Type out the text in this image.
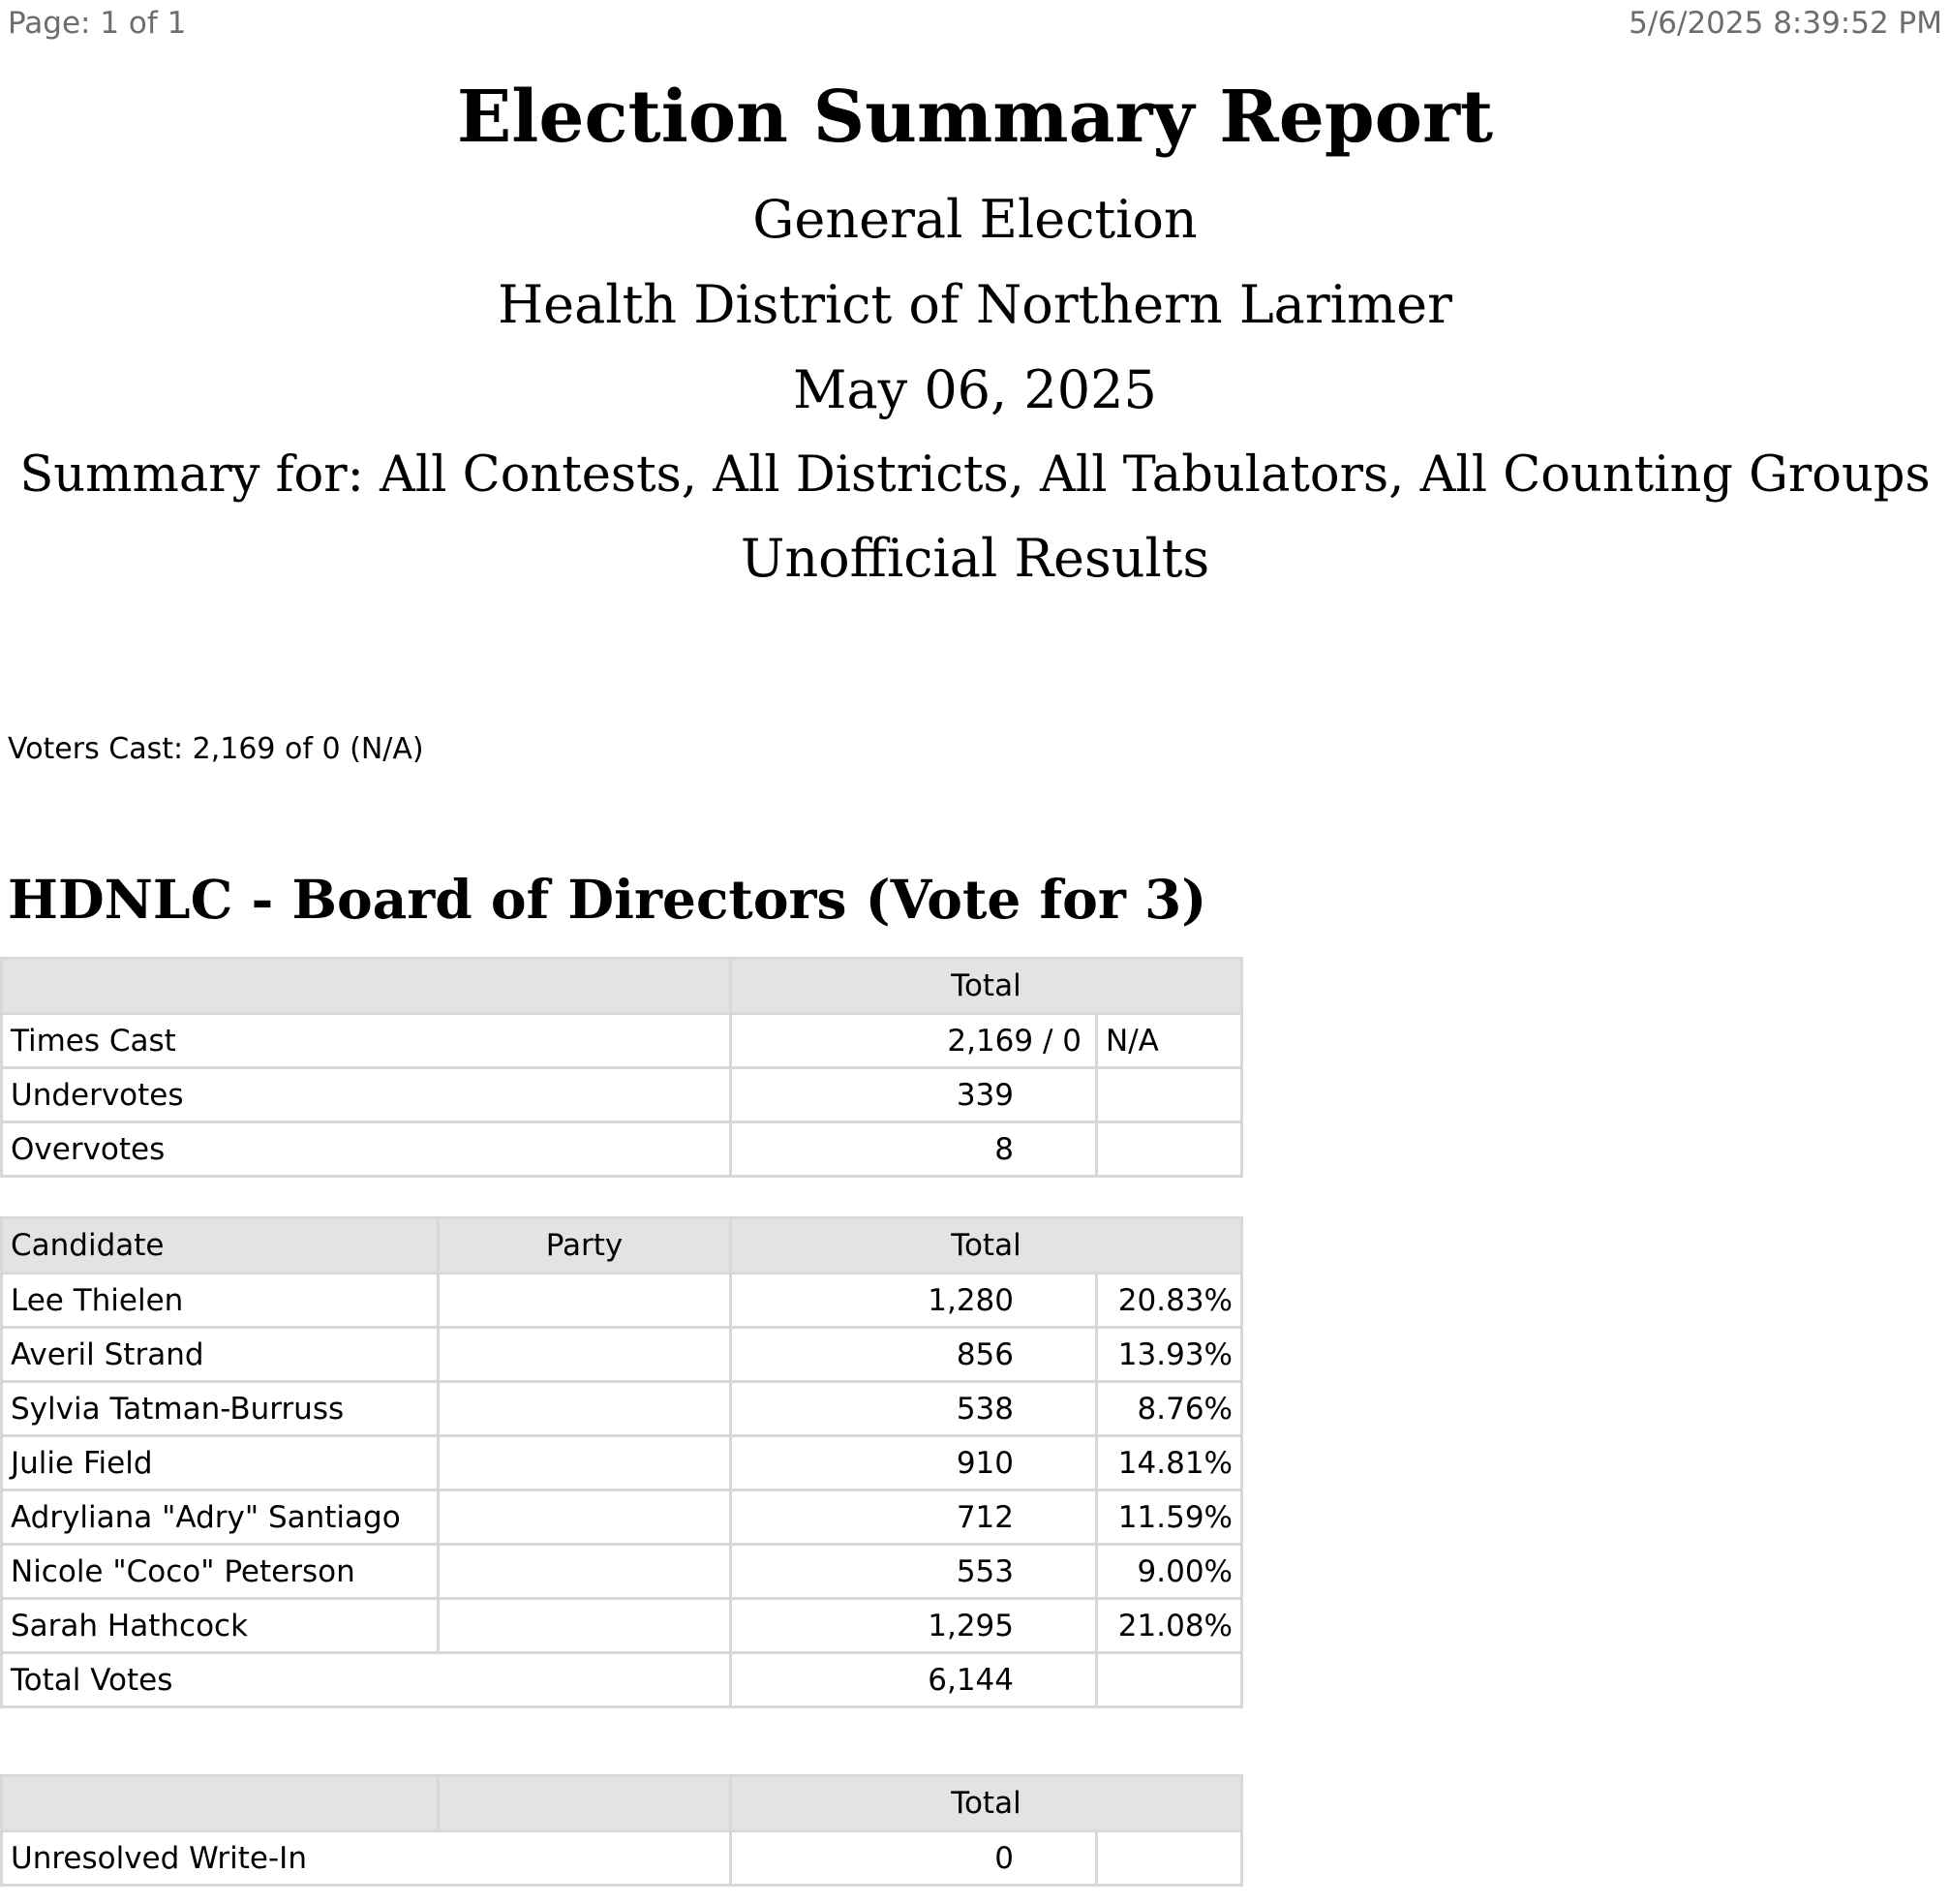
Page: 1 of 1	5/6/2025 8:39:52 PM
Election Summary Report
General Election
Health District of Northern Larimer
May 06, 2025
Summary for: All Contests, All Districts, All Tabulators, All Counting Groups
Unofficial Results
Voters Cast: 2,169 of 0 (N/A)
HDNLC - Board of Directors (Vote for 3)
	Total	
Times Cast	2,169 / 0	N/A
Undervotes	339	
Overvotes	8	
Candidate	Party	Total	
Lee Thielen		1,280	20.83%
Averil Strand		856	13.93%
Sylvia Tatman-Burruss		538	8.76%
Julie Field		910	14.81%
Adryliana "Adry" Santiago		712	11.59%
Nicole "Coco" Peterson		553	9.00%
Sarah Hathcock		1,295	21.08%
Total Votes		6,144	
		Total	
Unresolved Write-In		0	
